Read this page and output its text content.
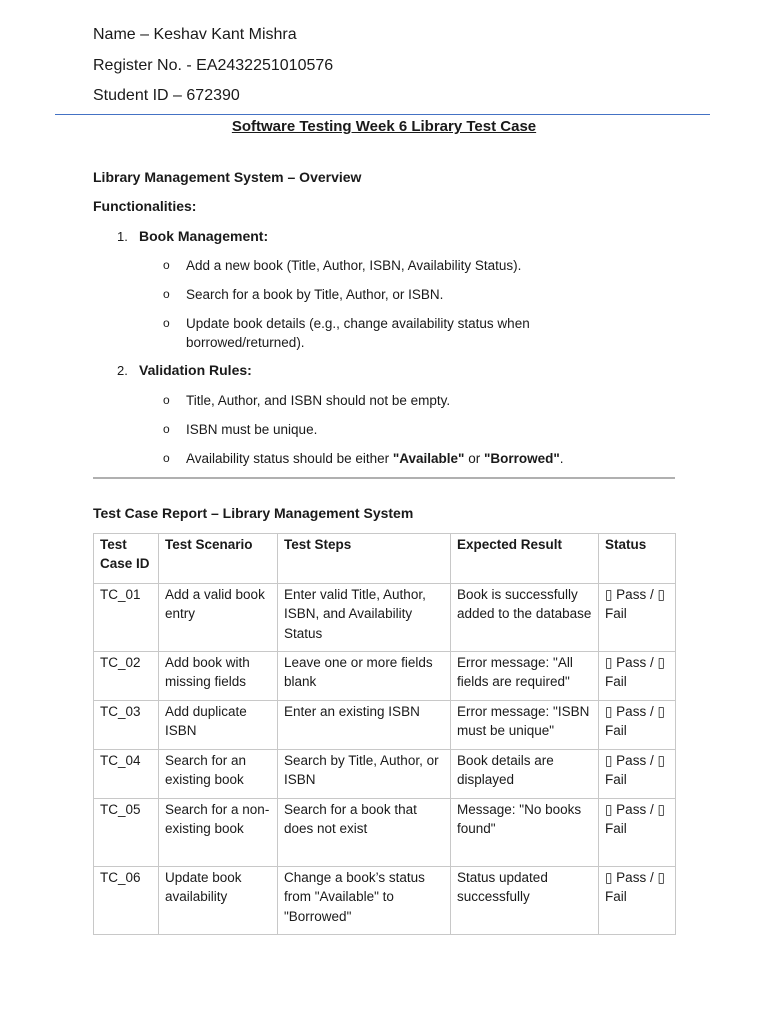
Name – Keshav Kant Mishra
Register No. - EA2432251010576
Student ID – 672390
Software Testing Week 6 Library Test Case
Library Management System – Overview
Functionalities:
1. Book Management:
o Add a new book (Title, Author, ISBN, Availability Status).
o Search for a book by Title, Author, or ISBN.
o Update book details (e.g., change availability status when borrowed/returned).
2. Validation Rules:
o Title, Author, and ISBN should not be empty.
o ISBN must be unique.
o Availability status should be either "Available" or "Borrowed".
Test Case Report – Library Management System
Test Case ID	Test Scenario	Test Steps	Expected Result	Status
TC_01	Add a valid book entry	Enter valid Title, Author, ISBN, and Availability Status	Book is successfully added to the database	▯ Pass / ▯ Fail
TC_02	Add book with missing fields	Leave one or more fields blank	Error message: "All fields are required"	▯ Pass / ▯ Fail
TC_03	Add duplicate ISBN	Enter an existing ISBN	Error message: "ISBN must be unique"	▯ Pass / ▯ Fail
TC_04	Search for an existing book	Search by Title, Author, or ISBN	Book details are displayed	▯ Pass / ▯ Fail
TC_05	Search for a non-existing book	Search for a book that does not exist	Message: "No books found"	▯ Pass / ▯ Fail
TC_06	Update book availability	Change a book’s status from "Available" to "Borrowed"	Status updated successfully	▯ Pass / ▯ Fail
